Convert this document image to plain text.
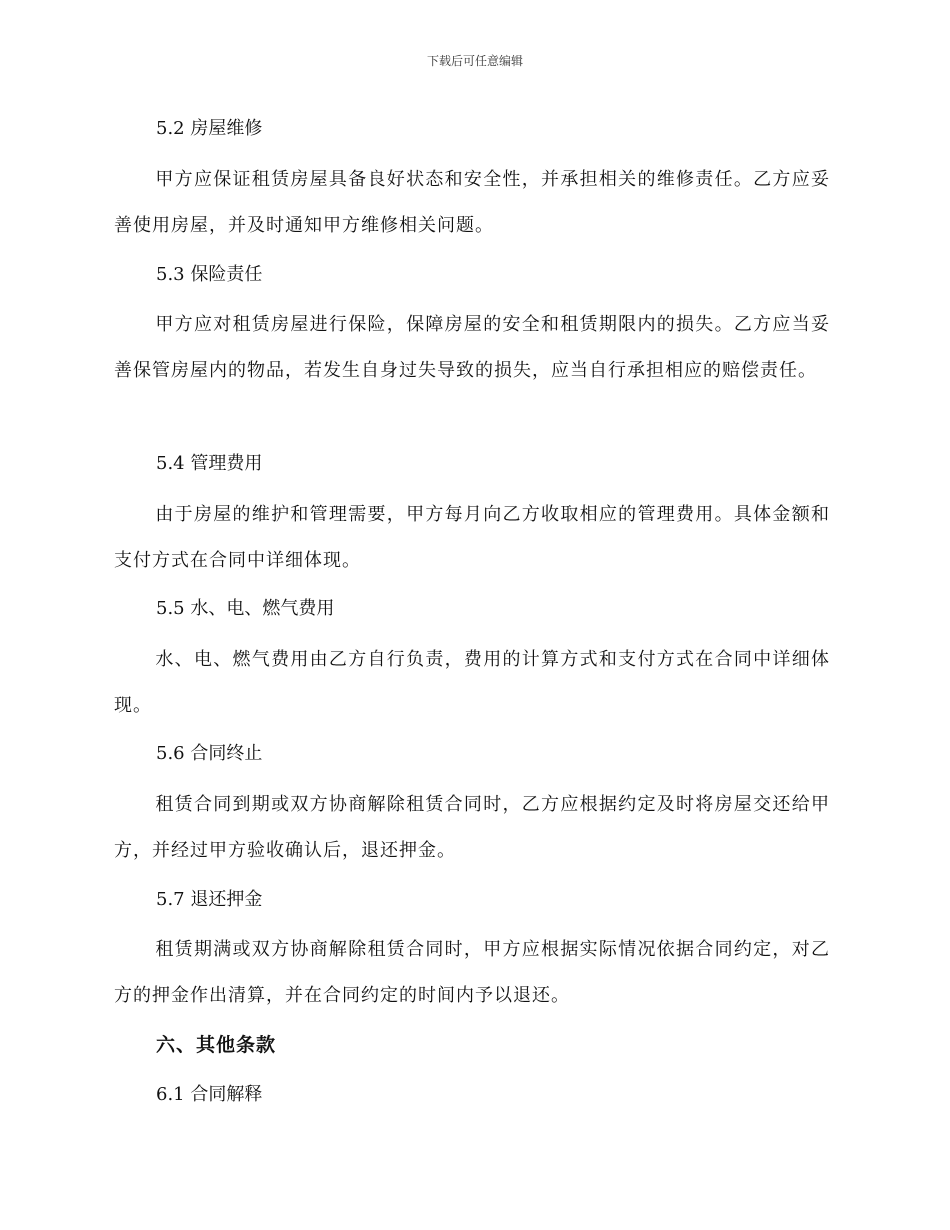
下载后可任意编辑
5.2 房屋维修
甲方应保证租赁房屋具备良好状态和安全性，并承担相关的维修责任。乙方应妥善使用房屋，并及时通知甲方维修相关问题。
5.3 保险责任
甲方应对租赁房屋进行保险，保障房屋的安全和租赁期限内的损失。乙方应当妥善保管房屋内的物品，若发生自身过失导致的损失，应当自行承担相应的赔偿责任。
5.4 管理费用
由于房屋的维护和管理需要，甲方每月向乙方收取相应的管理费用。具体金额和支付方式在合同中详细体现。
5.5 水、电、燃气费用
水、电、燃气费用由乙方自行负责，费用的计算方式和支付方式在合同中详细体现。
5.6 合同终止
租赁合同到期或双方协商解除租赁合同时，乙方应根据约定及时将房屋交还给甲方，并经过甲方验收确认后，退还押金。
5.7 退还押金
租赁期满或双方协商解除租赁合同时，甲方应根据实际情况依据合同约定，对乙方的押金作出清算，并在合同约定的时间内予以退还。
六、其他条款
6.1 合同解释
